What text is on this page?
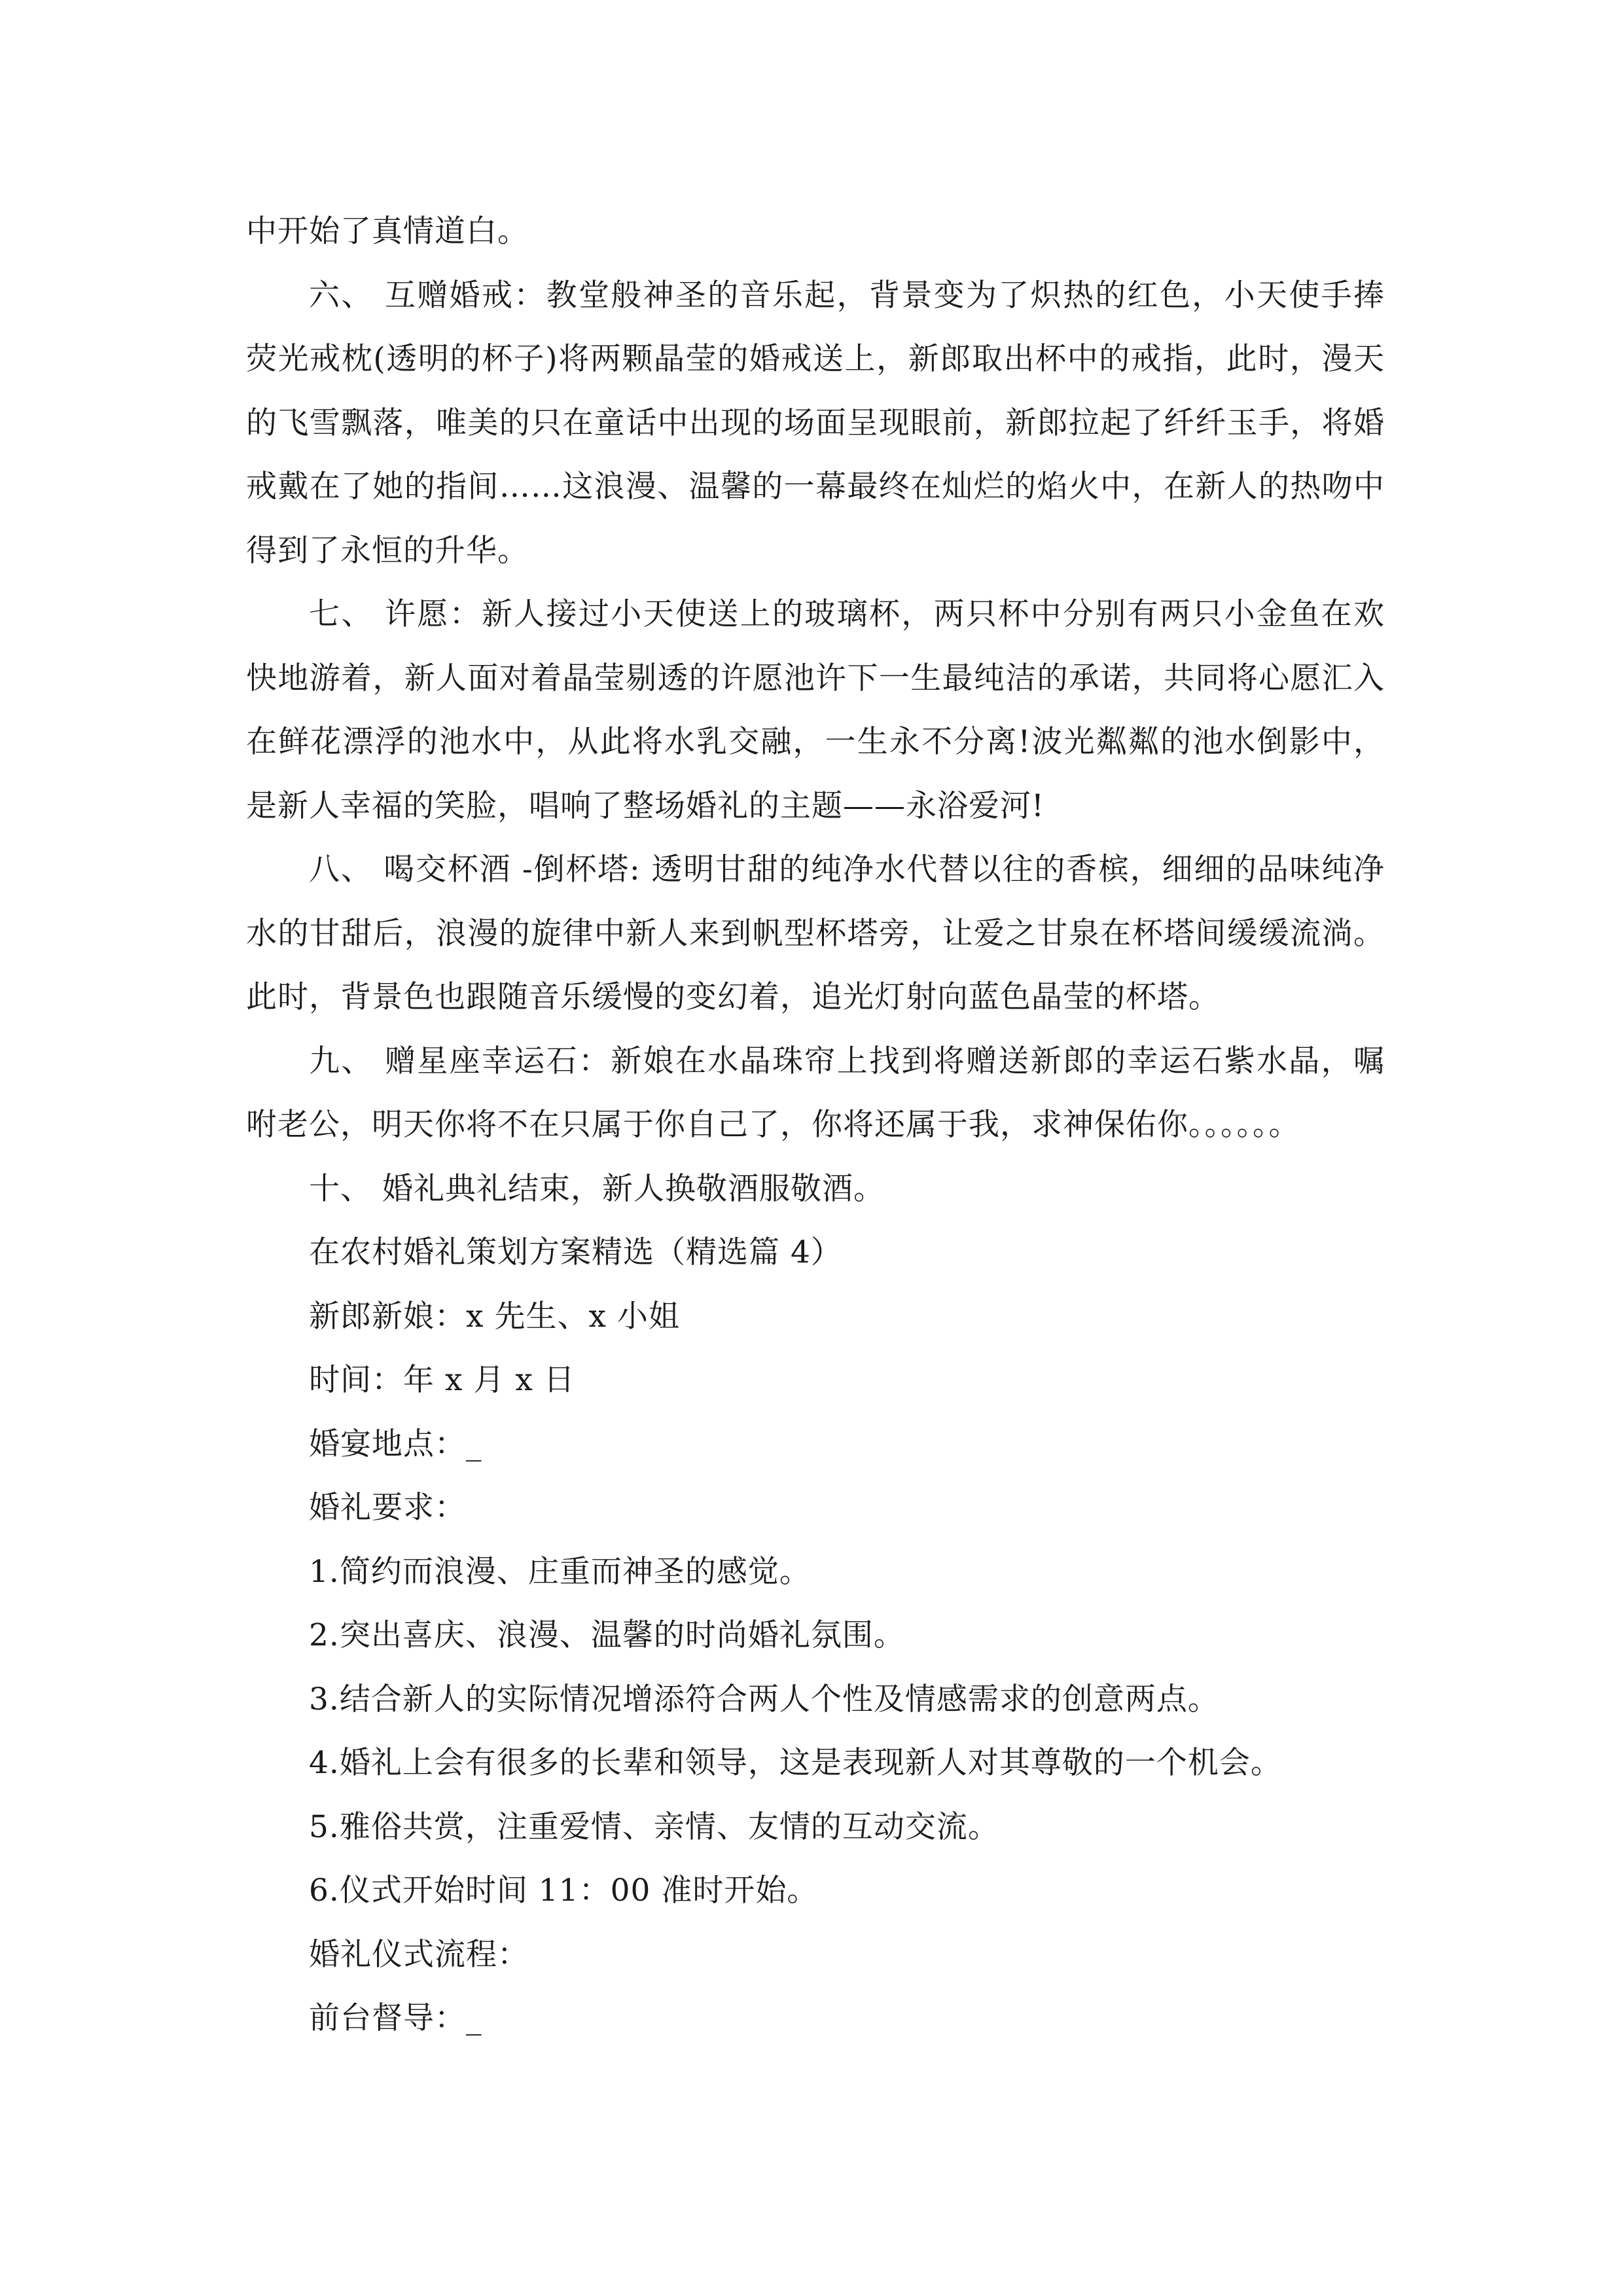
中开始了真情道白。

六、 互赠婚戒：教堂般神圣的音乐起，背景变为了炽热的红色，小天使手捧荧光戒枕(透明的杯子)将两颗晶莹的婚戒送上，新郎取出杯中的戒指，此时，漫天的飞雪飘落，唯美的只在童话中出现的场面呈现眼前，新郎拉起了纤纤玉手，将婚戒戴在了她的指间……这浪漫、温馨的一幕最终在灿烂的焰火中，在新人的热吻中得到了永恒的升华。

七、 许愿：新人接过小天使送上的玻璃杯，两只杯中分别有两只小金鱼在欢快地游着，新人面对着晶莹剔透的许愿池许下一生最纯洁的承诺，共同将心愿汇入在鲜花漂浮的池水中，从此将水乳交融，一生永不分离!波光粼粼的池水倒影中，是新人幸福的笑脸，唱响了整场婚礼的主题——永浴爱河!

八、 喝交杯酒 -倒杯塔: 透明甘甜的纯净水代替以往的香槟，细细的品味纯净水的甘甜后，浪漫的旋律中新人来到帆型杯塔旁，让爱之甘泉在杯塔间缓缓流淌。此时，背景色也跟随音乐缓慢的变幻着，追光灯射向蓝色晶莹的杯塔。

九、 赠星座幸运石：新娘在水晶珠帘上找到将赠送新郎的幸运石紫水晶，嘱咐老公，明天你将不在只属于你自己了，你将还属于我，求神保佑你。。。。。。

十、 婚礼典礼结束，新人换敬酒服敬酒。

在农村婚礼策划方案精选（精选篇 4）

新郎新娘：x 先生、x 小姐

时间：年 x 月 x 日

婚宴地点：_

婚礼要求：

1.简约而浪漫、庄重而神圣的感觉。

2.突出喜庆、浪漫、温馨的时尚婚礼氛围。

3.结合新人的实际情况增添符合两人个性及情感需求的创意两点。

4.婚礼上会有很多的长辈和领导，这是表现新人对其尊敬的一个机会。

5.雅俗共赏，注重爱情、亲情、友情的互动交流。

6.仪式开始时间 11：00 准时开始。

婚礼仪式流程：

前台督导：_
